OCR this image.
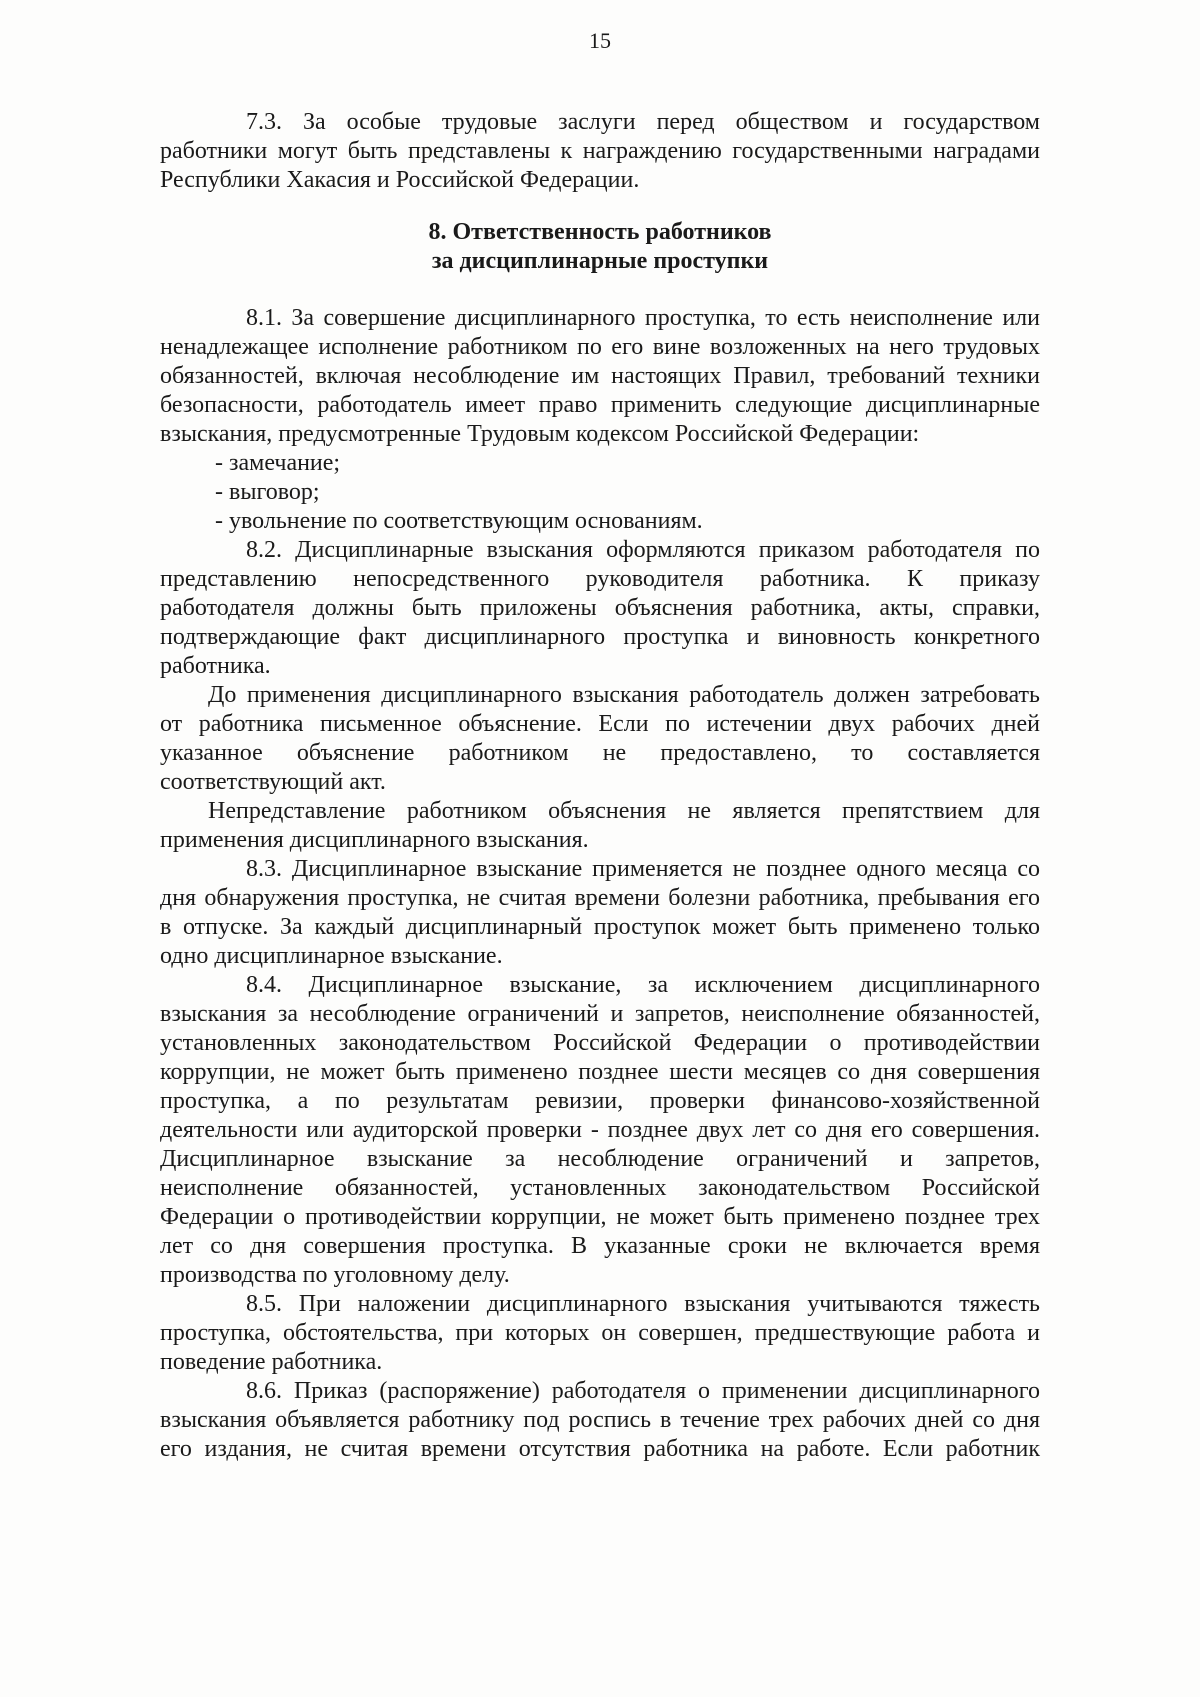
15
7.3. За особые трудовые заслуги перед обществом и государством
работники могут быть представлены к награждению государственными наградами
Республики Хакасия и Российской Федерации.
8. Ответственность работников
за дисциплинарные проступки
8.1. За совершение дисциплинарного проступка, то есть неисполнение или
ненадлежащее исполнение работником по его вине возложенных на него трудовых
обязанностей, включая несоблюдение им настоящих Правил, требований техники
безопасности, работодатель имеет право применить следующие дисциплинарные
взыскания, предусмотренные Трудовым кодексом Российской Федерации:
- замечание;
- выговор;
- увольнение по соответствующим основаниям.
8.2. Дисциплинарные взыскания оформляются приказом работодателя по
представлению непосредственного руководителя работника. К приказу
работодателя должны быть приложены объяснения работника, акты, справки,
подтверждающие факт дисциплинарного проступка и виновность конкретного
работника.
До применения дисциплинарного взыскания работодатель должен затребовать
от работника письменное объяснение. Если по истечении двух рабочих дней
указанное объяснение работником не предоставлено, то составляется
соответствующий акт.
Непредставление работником объяснения не является препятствием для
применения дисциплинарного взыскания.
8.3. Дисциплинарное взыскание применяется не позднее одного месяца со
дня обнаружения проступка, не считая времени болезни работника, пребывания его
в отпуске. За каждый дисциплинарный проступок может быть применено только
одно дисциплинарное взыскание.
8.4. Дисциплинарное взыскание, за исключением дисциплинарного
взыскания за несоблюдение ограничений и запретов, неисполнение обязанностей,
установленных законодательством Российской Федерации о противодействии
коррупции, не может быть применено позднее шести месяцев со дня совершения
проступка, а по результатам ревизии, проверки финансово-хозяйственной
деятельности или аудиторской проверки - позднее двух лет со дня его совершения.
Дисциплинарное взыскание за несоблюдение ограничений и запретов,
неисполнение обязанностей, установленных законодательством Российской
Федерации о противодействии коррупции, не может быть применено позднее трех
лет со дня совершения проступка. В указанные сроки не включается время
производства по уголовному делу.
8.5. При наложении дисциплинарного взыскания учитываются тяжесть
проступка, обстоятельства, при которых он совершен, предшествующие работа и
поведение работника.
8.6. Приказ (распоряжение) работодателя о применении дисциплинарного
взыскания объявляется работнику под роспись в течение трех рабочих дней со дня
его издания, не считая времени отсутствия работника на работе. Если работник
